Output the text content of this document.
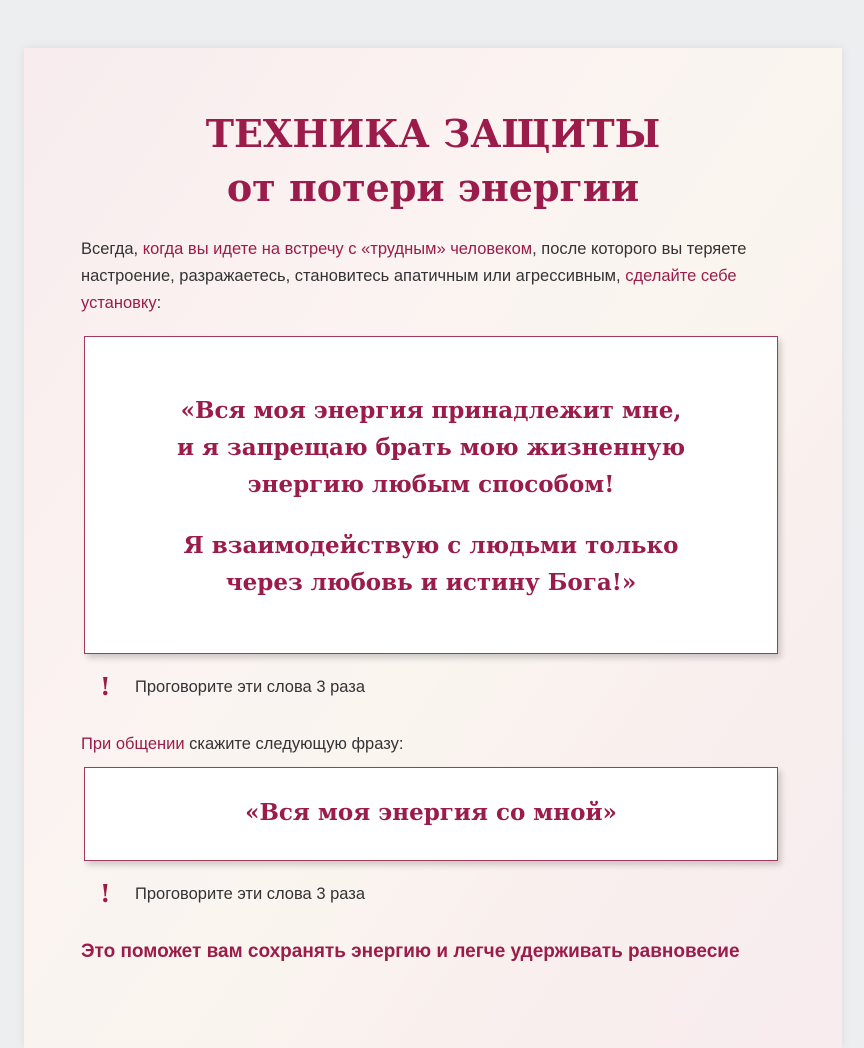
ТЕХНИКА ЗАЩИТЫ
от потери энергии

Всегда, когда вы идете на встречу с «трудным» человеком, после которого вы теряете настроение, разражаетесь, становитесь апатичным или агрессивным, сделайте себе установку:

«Вся моя энергия принадлежит мне,
и я запрещаю брать мою жизненную
энергию любым способом!

Я взаимодействую с людьми только
через любовь и истину Бога!»

!	Проговорите эти слова 3 раза

При общении скажите следующую фразу:

«Вся моя энергия со мной»

!	Проговорите эти слова 3 раза

Это поможет вам сохранять энергию и легче удерживать равновесие
